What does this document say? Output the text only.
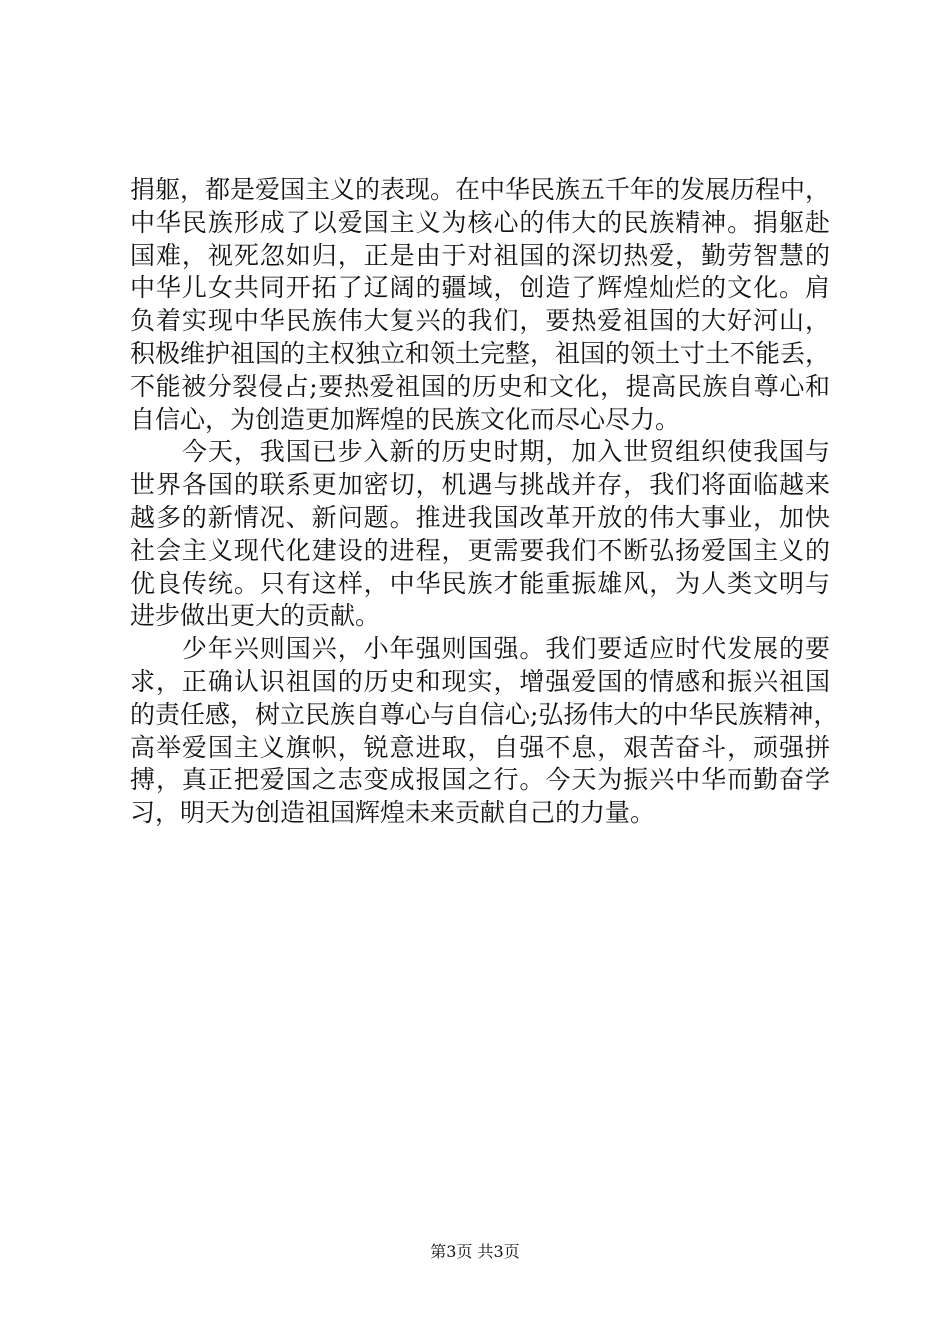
捐躯，都是爱国主义的表现。在中华民族五千年的发展历程中，
中华民族形成了以爱国主义为核心的伟大的民族精神。捐躯赴
国难，视死忽如归，正是由于对祖国的深切热爱，勤劳智慧的
中华儿女共同开拓了辽阔的疆域，创造了辉煌灿烂的文化。肩
负着实现中华民族伟大复兴的我们，要热爱祖国的大好河山，
积极维护祖国的主权独立和领土完整，祖国的领土寸土不能丢，
不能被分裂侵占;要热爱祖国的历史和文化，提高民族自尊心和
自信心，为创造更加辉煌的民族文化而尽心尽力。
　　今天，我国已步入新的历史时期，加入世贸组织使我国与
世界各国的联系更加密切，机遇与挑战并存，我们将面临越来
越多的新情况、新问题。推进我国改革开放的伟大事业，加快
社会主义现代化建设的进程，更需要我们不断弘扬爱国主义的
优良传统。只有这样，中华民族才能重振雄风，为人类文明与
进步做出更大的贡献。
　　少年兴则国兴，小年强则国强。我们要适应时代发展的要
求，正确认识祖国的历史和现实，增强爱国的情感和振兴祖国
的责任感，树立民族自尊心与自信心;弘扬伟大的中华民族精神，
高举爱国主义旗帜，锐意进取，自强不息，艰苦奋斗，顽强拼
搏，真正把爱国之志变成报国之行。今天为振兴中华而勤奋学
习，明天为创造祖国辉煌未来贡献自己的力量。
第3页 共3页
